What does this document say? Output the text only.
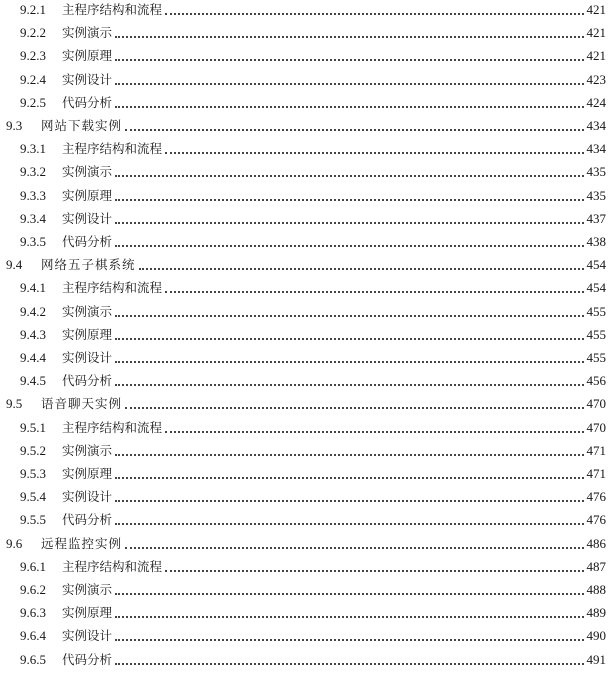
9.2.1 主程序结构和流程	421
9.2.2 实例演示	421
9.2.3 实例原理	421
9.2.4 实例设计	423
9.2.5 代码分析	424
9.3 网站下载实例	434
9.3.1 主程序结构和流程	434
9.3.2 实例演示	435
9.3.3 实例原理	435
9.3.4 实例设计	437
9.3.5 代码分析	438
9.4 网络五子棋系统	454
9.4.1 主程序结构和流程	454
9.4.2 实例演示	455
9.4.3 实例原理	455
9.4.4 实例设计	455
9.4.5 代码分析	456
9.5 语音聊天实例	470
9.5.1 主程序结构和流程	470
9.5.2 实例演示	471
9.5.3 实例原理	471
9.5.4 实例设计	476
9.5.5 代码分析	476
9.6 远程监控实例	486
9.6.1 主程序结构和流程	487
9.6.2 实例演示	488
9.6.3 实例原理	489
9.6.4 实例设计	490
9.6.5 代码分析	491
